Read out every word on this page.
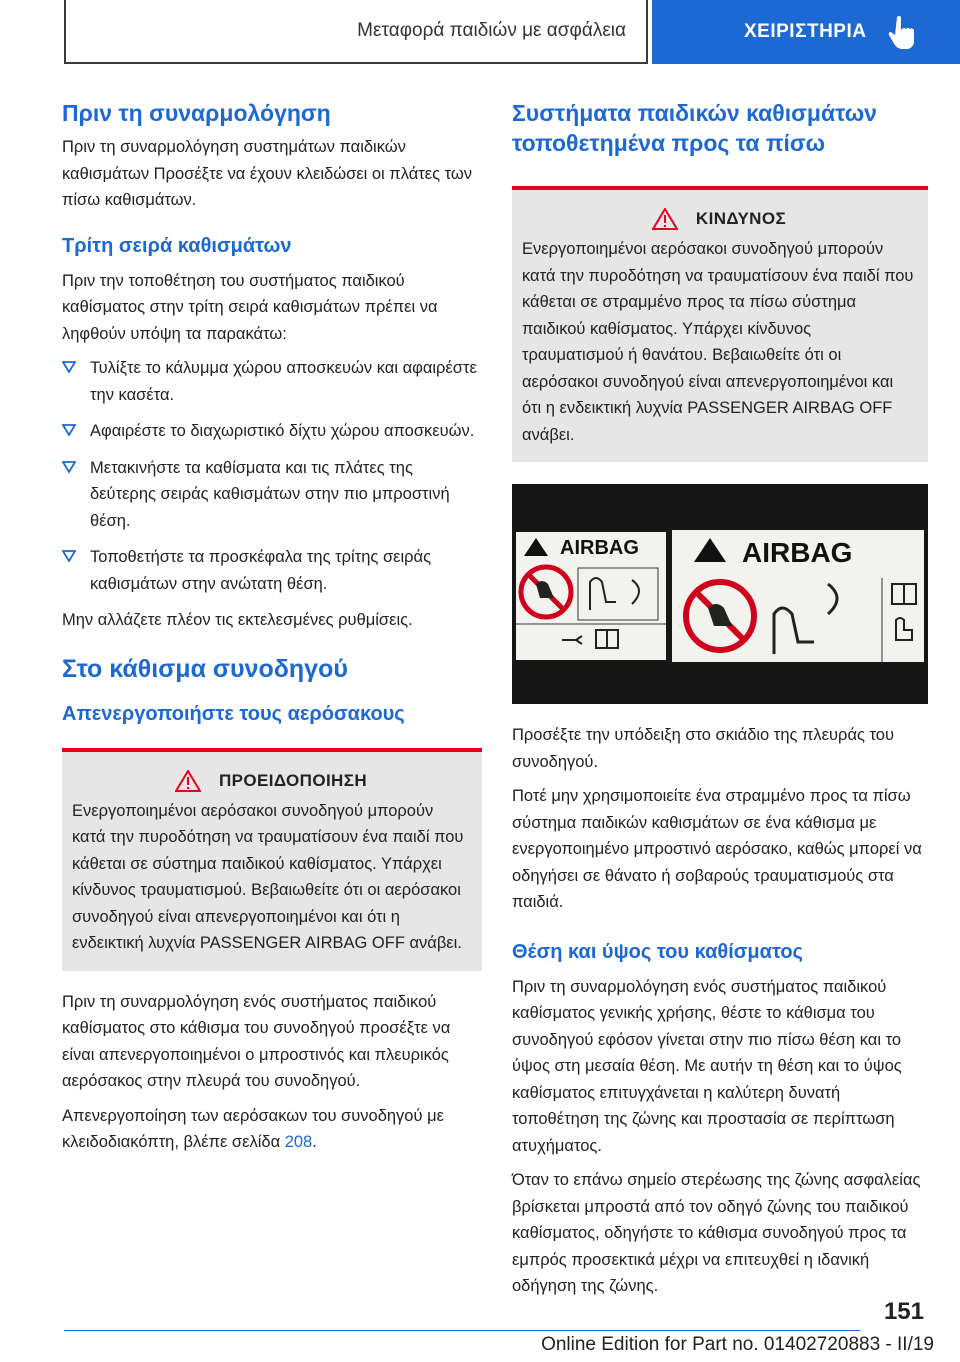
Μεταφορά παιδιών με ασφάλεια	ΧΕΙΡΙΣΤΗΡΙΑ
Πριν τη συναρμολόγηση

Πριν τη συναρμολόγηση συστημάτων παιδικών καθισμάτων Προσέξτε να έχουν κλειδώσει οι πλάτες των πίσω καθισμάτων.

Τρίτη σειρά καθισμάτων

Πριν την τοποθέτηση του συστήματος παιδικού καθίσματος στην τρίτη σειρά καθισμάτων πρέπει να ληφθούν υπόψη τα παρακάτω:

Τυλίξτε το κάλυμμα χώρου αποσκευών και αφαιρέστε την κασέτα.
Αφαιρέστε το διαχωριστικό δίχτυ χώρου αποσκευών.
Μετακινήστε τα καθίσματα και τις πλάτες της δεύτερης σειράς καθισμάτων στην πιο μπροστινή θέση.
Τοποθετήστε τα προσκέφαλα της τρίτης σειράς καθισμάτων στην ανώτατη θέση.

Μην αλλάζετε πλέον τις εκτελεσμένες ρυθμίσεις.

Στο κάθισμα συνοδηγού
Απενεργοποιήστε τους αερόσακους
ΠΡΟΕΙΔΟΠΟΙΗΣΗ

Ενεργοποιημένοι αερόσακοι συνοδηγού μπορούν κατά την πυροδότηση να τραυματίσουν ένα παιδί που κάθεται σε σύστημα παιδικού καθίσματος. Υπάρχει κίνδυνος τραυματισμού. Βεβαιωθείτε ότι οι αερόσακοι συνοδηγού είναι απενεργοποιημένοι και ότι η ενδεικτική λυχνία PASSENGER AIRBAG OFF ανάβει.

Πριν τη συναρμολόγηση ενός συστήματος παιδικού καθίσματος στο κάθισμα του συνοδηγού προσέξτε να είναι απενεργοποιημένοι ο μπροστινός και πλευρικός αερόσακος στην πλευρά του συνοδηγού.

Απενεργοποίηση των αερόσακων του συνοδηγού με κλειδοδιακόπτη, βλέπε σελίδα 208.

Συστήματα παιδικών καθισμάτων τοποθετημένα προς τα πίσω
ΚΙΝΔΥΝΟΣ

Ενεργοποιημένοι αερόσακοι συνοδηγού μπορούν κατά την πυροδότηση να τραυματίσουν ένα παιδί που κάθεται σε στραμμένο προς τα πίσω σύστημα παιδικού καθίσματος. Υπάρχει κίνδυνος τραυματισμού ή θανάτου. Βεβαιωθείτε ότι οι αερόσακοι συνοδηγού είναι απενεργοποιημένοι και ότι η ενδεικτική λυχνία PASSENGER AIRBAG OFF ανάβει.

AIRBAG	AIRBAG

Προσέξτε την υπόδειξη στο σκιάδιο της πλευράς του συνοδηγού.

Ποτέ μην χρησιμοποιείτε ένα στραμμένο προς τα πίσω σύστημα παιδικών καθισμάτων σε ένα κάθισμα με ενεργοποιημένο μπροστινό αερόσακο, καθώς μπορεί να οδηγήσει σε θάνατο ή σοβαρούς τραυματισμούς στα παιδιά.

Θέση και ύψος του καθίσματος

Πριν τη συναρμολόγηση ενός συστήματος παιδικού καθίσματος γενικής χρήσης, θέστε το κάθισμα του συνοδηγού εφόσον γίνεται στην πιο πίσω θέση και το ύψος στη μεσαία θέση. Με αυτήν τη θέση και το ύψος καθίσματος επιτυγχάνεται η καλύτερη δυνατή τοποθέτηση της ζώνης και προστασία σε περίπτωση ατυχήματος.

Όταν το επάνω σημείο στερέωσης της ζώνης ασφαλείας βρίσκεται μπροστά από τον οδηγό ζώνης του παιδικού καθίσματος, οδηγήστε το κάθισμα συνοδηγού προς τα εμπρός προσεκτικά μέχρι να επιτευχθεί η ιδανική οδήγηση της ζώνης.

151
Online Edition for Part no. 01402720883 - II/19
